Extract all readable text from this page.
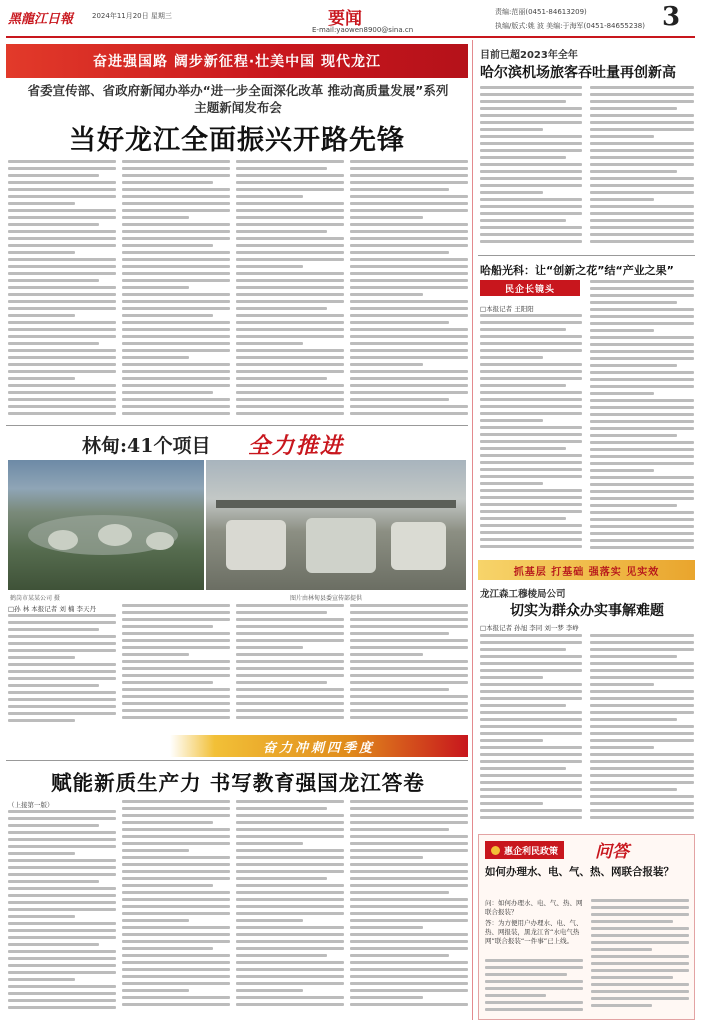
黑龍江日報	2024年11月20日 星期三	要闻
E-mail:yaowen8900@sina.cn
责编:范丽(0451-84613209)
执编/版式:姚 波 美编:于海军(0451-84655238) 3
奋进强国路 阔步新征程·壮美中国 现代龙江
省委宣传部、省政府新闻办举办“进一步全面深化改革 推动高质量发展”系列主题新闻发布会
当好龙江全面振兴开路先锋
林甸:41个项目 全力推进
鹤岗市某某公司 摄	图片由林甸县委宣传部提供
□孙 林 本报记者 刘 楠 李天丹
奋力冲刺四季度
赋能新质生产力 书写教育强国龙江答卷
（上接第一版）
目前已超2023年全年
哈尔滨机场旅客吞吐量再创新高
哈船光科：让“创新之花”结“产业之果”
民企长镜头
□本报记者 王阳阳
抓基层 打基础 强落实 见实效
龙江森工穆棱局公司
切实为群众办实事解难题
□本报记者 孙旭 李同 刘一梦 李峥
惠企利民政策 问答
如何办理水、电、气、热、网联合报装？
问：如何办理水、电、气、热、网联合报装？
答：为方便用户办理水、电、气、热、网报装，黑龙江省“水电气热网”联合报装“一件事”已上线。
